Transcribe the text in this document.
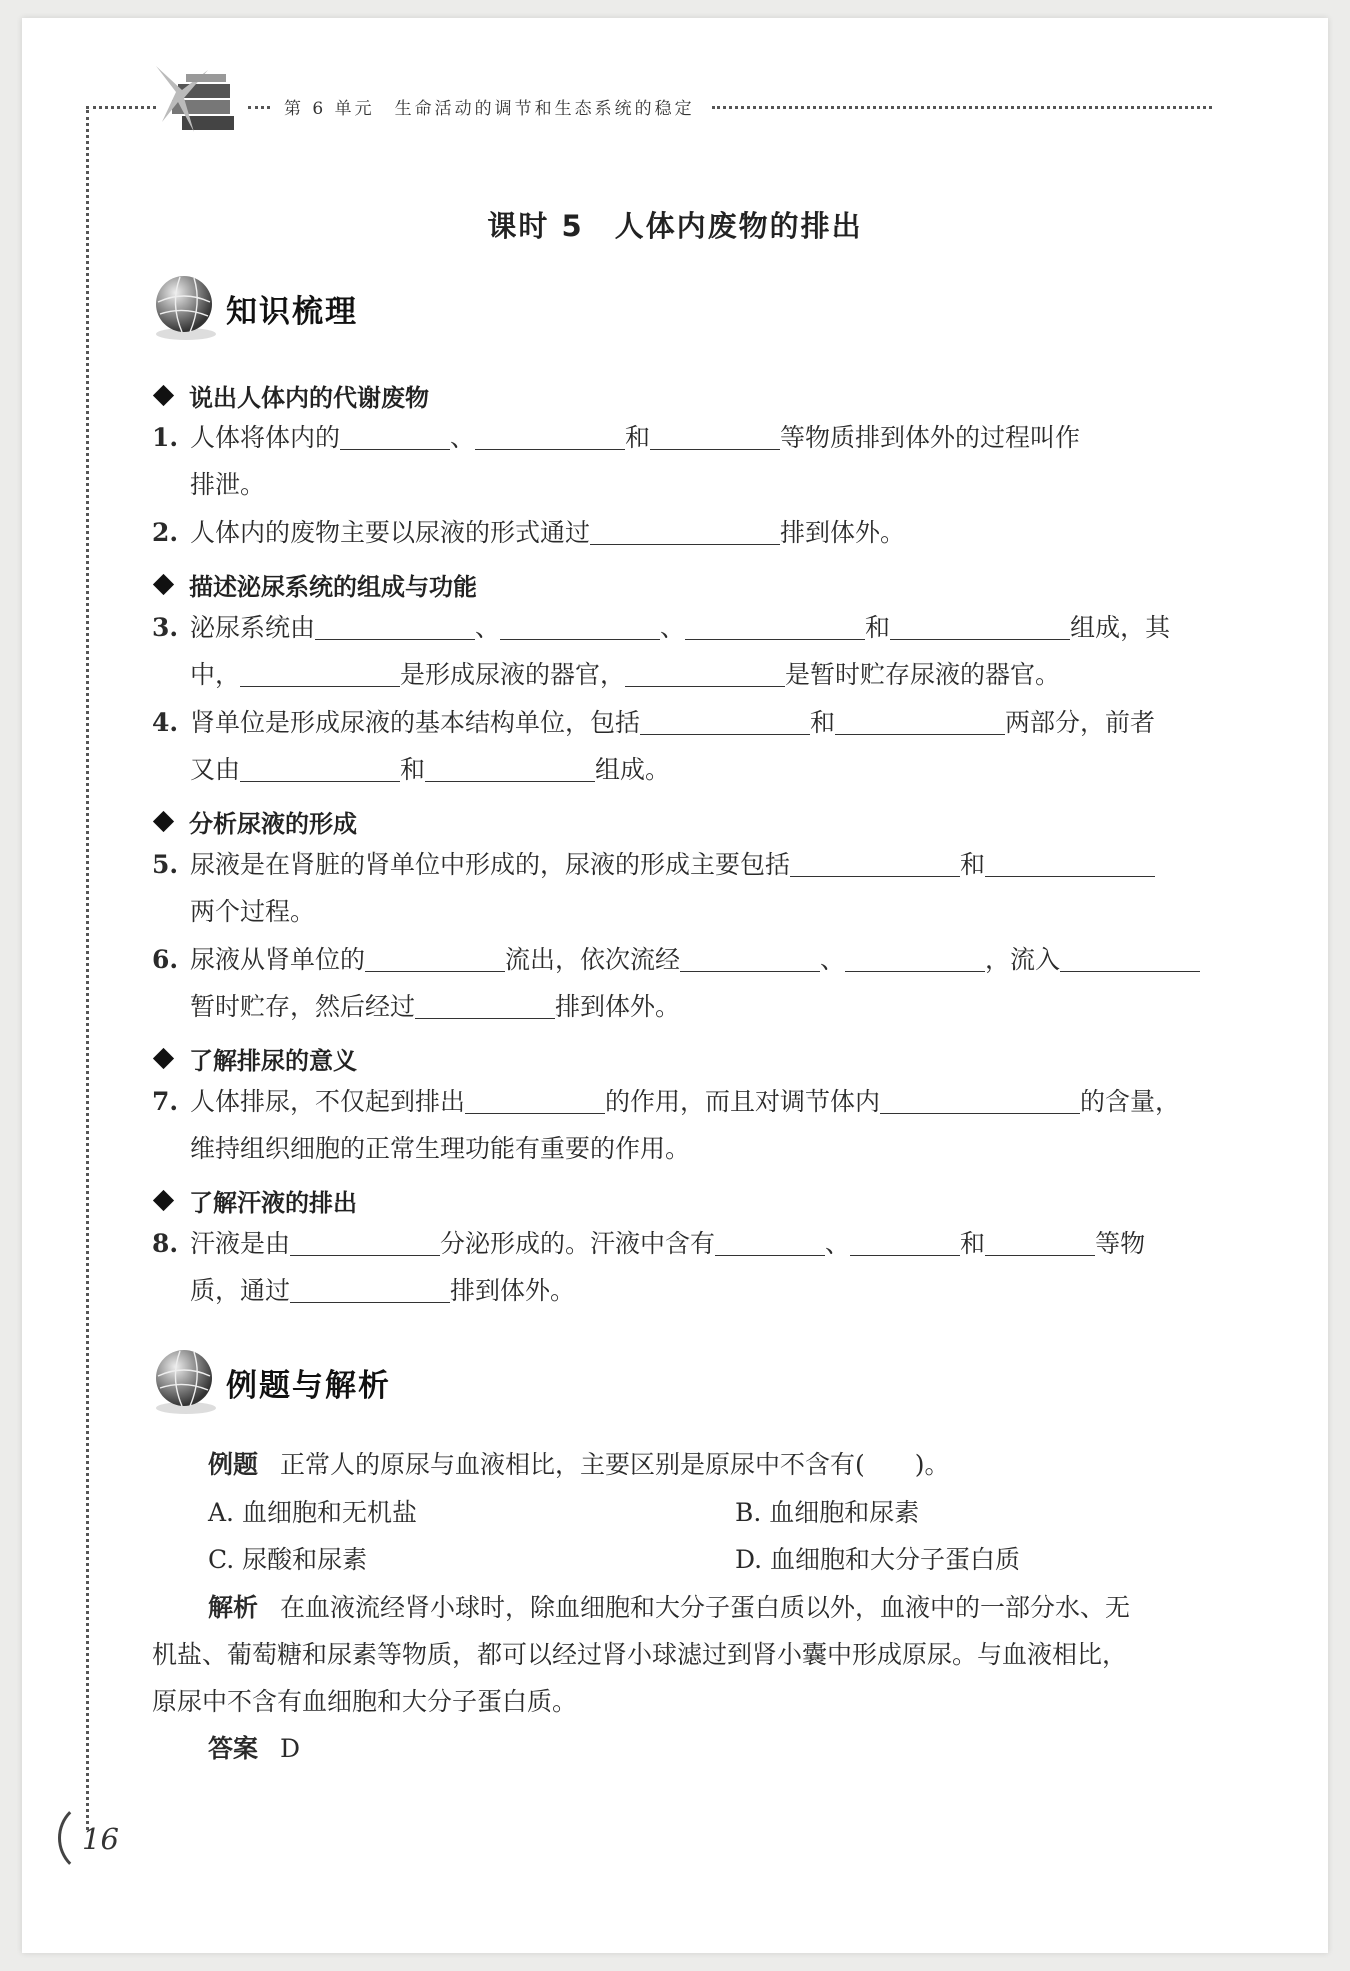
第 6 单元　生命活动的调节和生态系统的稳定
课时 5　人体内废物的排出
知识梳理
说出人体内的代谢废物
1. 人体将体内的	、	和	等物质排到体外的过程叫作
排泄。
2. 人体内的废物主要以尿液的形式通过	排到体外。
描述泌尿系统的组成与功能
3. 泌尿系统由	、	、	和	组成，其
中，	是形成尿液的器官，	是暂时贮存尿液的器官。
4. 肾单位是形成尿液的基本结构单位，包括	和	两部分，前者
又由	和	组成。
分析尿液的形成
5. 尿液是在肾脏的肾单位中形成的，尿液的形成主要包括	和
两个过程。
6. 尿液从肾单位的	流出，依次流经	、	，流入
暂时贮存，然后经过	排到体外。
了解排尿的意义
7. 人体排尿，不仅起到排出	的作用，而且对调节体内	的含量，
维持组织细胞的正常生理功能有重要的作用。
了解汗液的排出
8. 汗液是由	分泌形成的。汗液中含有	、	和	等物
质，通过	排到体外。
例题与解析
例题 正常人的原尿与血液相比，主要区别是原尿中不含有(　　)。
A. 血细胞和无机盐	B. 血细胞和尿素
C. 尿酸和尿素	D. 血细胞和大分子蛋白质
解析 在血液流经肾小球时，除血细胞和大分子蛋白质以外，血液中的一部分水、无
机盐、葡萄糖和尿素等物质，都可以经过肾小球滤过到肾小囊中形成原尿。与血液相比，
原尿中不含有血细胞和大分子蛋白质。
答案 D
16
